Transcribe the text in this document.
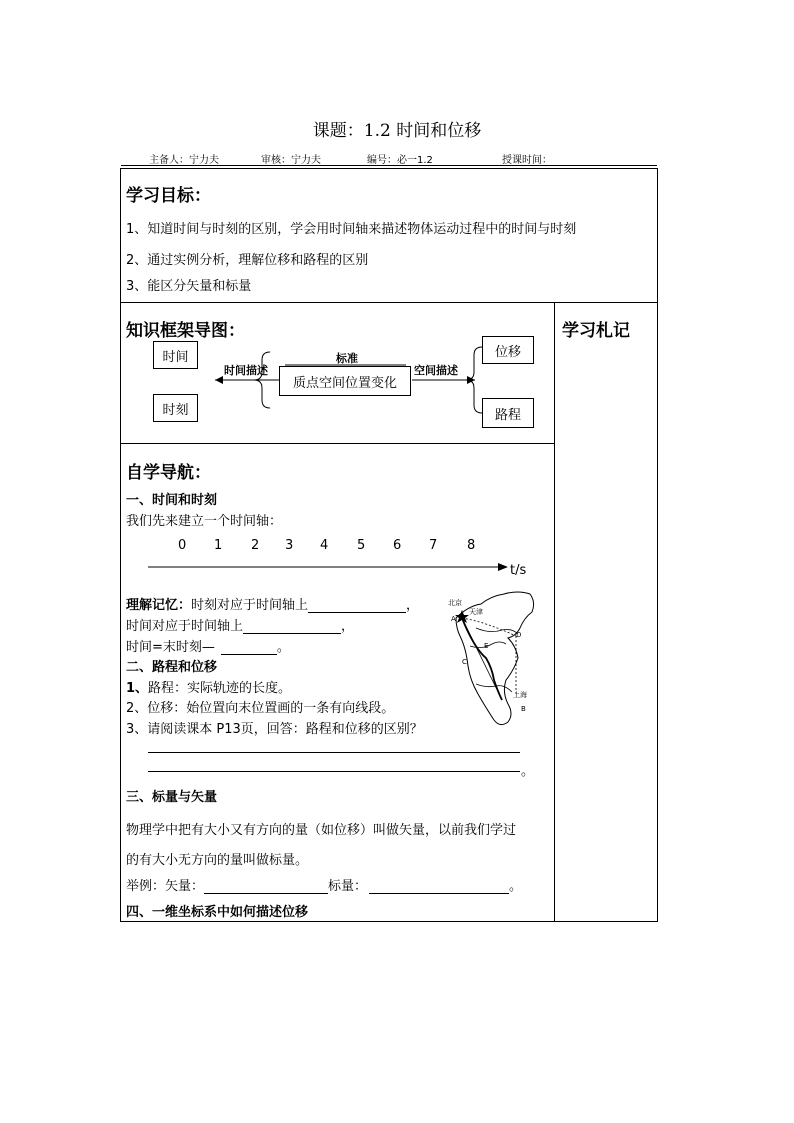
课题：1.2 时间和位移
主备人：宁力夫	审核：宁力夫	编号：必一1.2	授课时间：
学习目标：
1、知道时间与时刻的区别，学会用时间轴来描述物体运动过程中的时间与时刻
2、通过实例分析，理解位移和路程的区别
3、能区分矢量和标量
知识框架导图：	学习札记
时间
时刻
时间描述
标准
质点空间位置变化
空间描述
位移
路程
自学导航：
一、时间和时刻
我们先来建立一个时间轴：
0 1 2 3 4 5 6 7 8
t/s
理解记忆：时刻对应于时间轴上	，
时间对应于时间轴上	，
时间=末时刻—	。
二、路程和位移
1、路程：实际轨迹的长度。
2、位移：始位置向末位置画的一条有向线段。
3、请阅读课本 P13页，回答：路程和位移的区别？
。
北京
天津
A
D
E
C
上海
B
三、标量与矢量
物理学中把有大小又有方向的量（如位移）叫做矢量，以前我们学过
的有大小无方向的量叫做标量。
举例：矢量：	标量：	。
四、一维坐标系中如何描述位移
